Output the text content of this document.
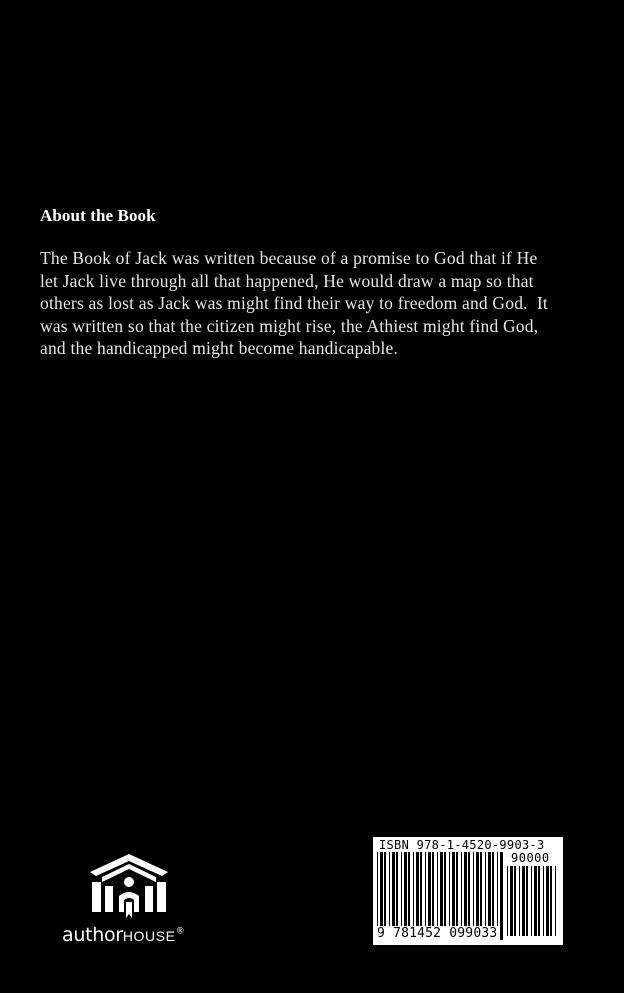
About the Book
The Book of Jack was written because of a promise to God that if He
let Jack live through all that happened, He would draw a map so that
others as lost as Jack was might find their way to freedom and God.  It
was written so that the citizen might rise, the Athiest might find God,
and the handicapped might become handicapable.
authorHOUSE®
ISBN 978-1-4520-9903-3
90000
9 781452 099033
